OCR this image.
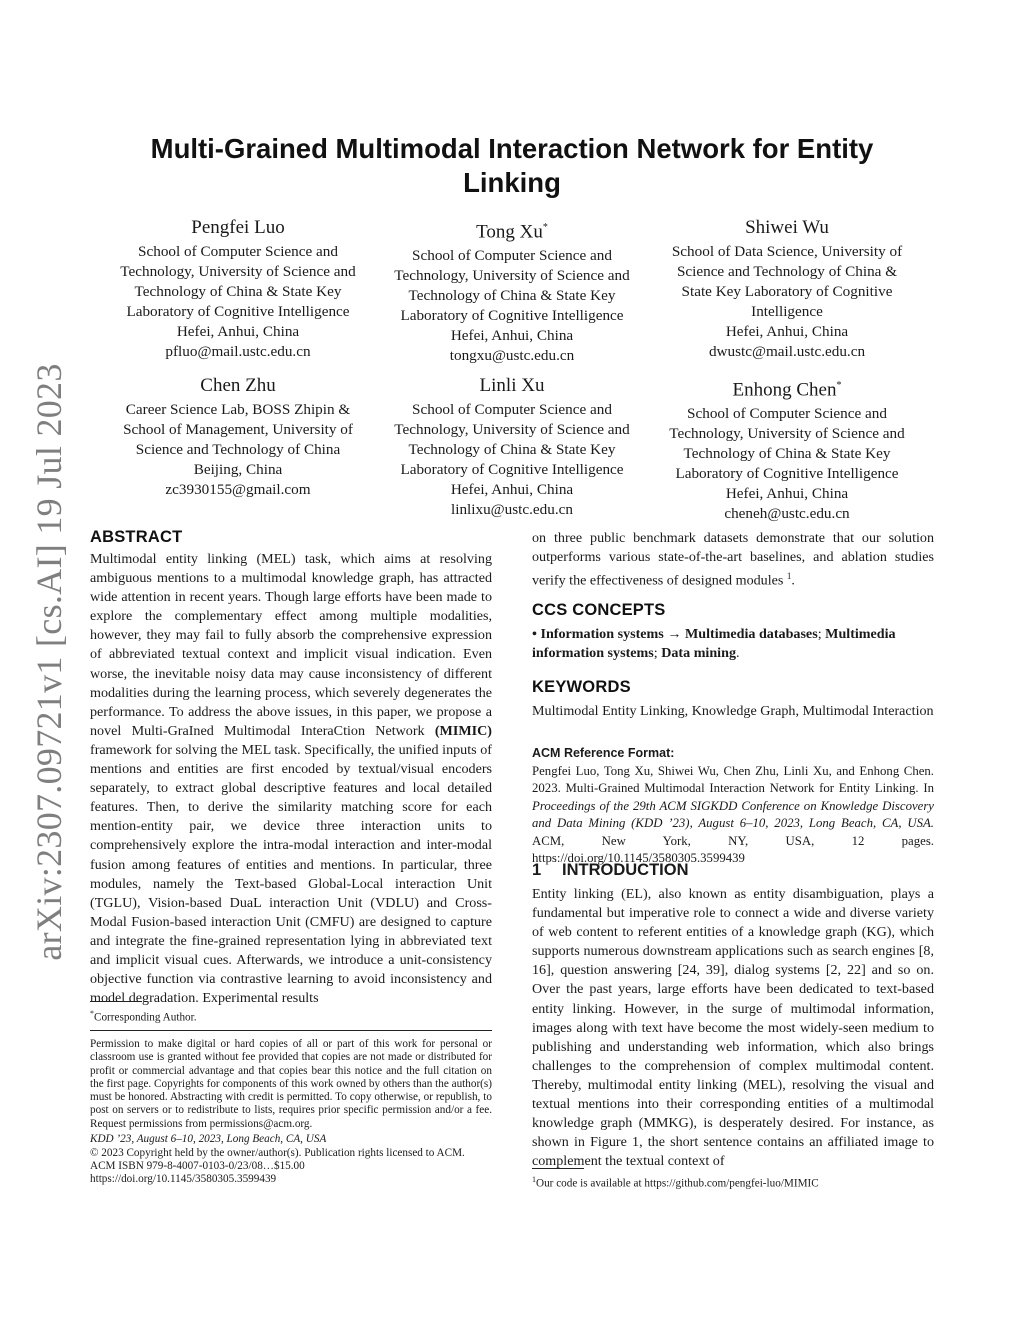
arXiv:2307.09721v1 [cs.AI] 19 Jul 2023
Multi-Grained Multimodal Interaction Network for Entity Linking
Pengfei Luo
School of Computer Science and
Technology, University of Science and
Technology of China & State Key
Laboratory of Cognitive Intelligence
Hefei, Anhui, China
pfluo@mail.ustc.edu.cn
Tong Xu*
School of Computer Science and
Technology, University of Science and
Technology of China & State Key
Laboratory of Cognitive Intelligence
Hefei, Anhui, China
tongxu@ustc.edu.cn
Shiwei Wu
School of Data Science, University of
Science and Technology of China &
State Key Laboratory of Cognitive
Intelligence
Hefei, Anhui, China
dwustc@mail.ustc.edu.cn
Chen Zhu
Career Science Lab, BOSS Zhipin &
School of Management, University of
Science and Technology of China
Beijing, China
zc3930155@gmail.com
Linli Xu
School of Computer Science and
Technology, University of Science and
Technology of China & State Key
Laboratory of Cognitive Intelligence
Hefei, Anhui, China
linlixu@ustc.edu.cn
Enhong Chen*
School of Computer Science and
Technology, University of Science and
Technology of China & State Key
Laboratory of Cognitive Intelligence
Hefei, Anhui, China
cheneh@ustc.edu.cn
ABSTRACT
Multimodal entity linking (MEL) task, which aims at resolving ambiguous mentions to a multimodal knowledge graph, has attracted wide attention in recent years. Though large efforts have been made to explore the complementary effect among multiple modalities, however, they may fail to fully absorb the comprehensive expression of abbreviated textual context and implicit visual indication. Even worse, the inevitable noisy data may cause inconsistency of different modalities during the learning process, which severely degenerates the performance. To address the above issues, in this paper, we propose a novel Multi-GraIned Multimodal InteraCtion Network (MIMIC) framework for solving the MEL task. Specifically, the unified inputs of mentions and entities are first encoded by textual/visual encoders separately, to extract global descriptive features and local detailed features. Then, to derive the similarity matching score for each mention-entity pair, we device three interaction units to comprehensively explore the intra-modal interaction and inter-modal fusion among features of entities and mentions. In particular, three modules, namely the Text-based Global-Local interaction Unit (TGLU), Vision-based DuaL interaction Unit (VDLU) and Cross-Modal Fusion-based interaction Unit (CMFU) are designed to capture and integrate the fine-grained representation lying in abbreviated text and implicit visual cues. Afterwards, we introduce a unit-consistency objective function via contrastive learning to avoid inconsistency and model degradation. Experimental results
*Corresponding Author.
Permission to make digital or hard copies of all or part of this work for personal or classroom use is granted without fee provided that copies are not made or distributed for profit or commercial advantage and that copies bear this notice and the full citation on the first page. Copyrights for components of this work owned by others than the author(s) must be honored. Abstracting with credit is permitted. To copy otherwise, or republish, to post on servers or to redistribute to lists, requires prior specific permission and/or a fee. Request permissions from permissions@acm.org.
KDD ’23, August 6–10, 2023, Long Beach, CA, USA
© 2023 Copyright held by the owner/author(s). Publication rights licensed to ACM.
ACM ISBN 979-8-4007-0103-0/23/08…$15.00
https://doi.org/10.1145/3580305.3599439
on three public benchmark datasets demonstrate that our solution outperforms various state-of-the-art baselines, and ablation studies verify the effectiveness of designed modules $^1$.
CCS CONCEPTS
• Information systems → Multimedia databases; Multimedia information systems; Data mining.
KEYWORDS
Multimodal Entity Linking, Knowledge Graph, Multimodal Interaction
ACM Reference Format:
Pengfei Luo, Tong Xu, Shiwei Wu, Chen Zhu, Linli Xu, and Enhong Chen. 2023. Multi-Grained Multimodal Interaction Network for Entity Linking. In Proceedings of the 29th ACM SIGKDD Conference on Knowledge Discovery and Data Mining (KDD ’23), August 6–10, 2023, Long Beach, CA, USA. ACM, New York, NY, USA, 12 pages. https://doi.org/10.1145/3580305.3599439
1 INTRODUCTION
Entity linking (EL), also known as entity disambiguation, plays a fundamental but imperative role to connect a wide and diverse variety of web content to referent entities of a knowledge graph (KG), which supports numerous downstream applications such as search engines [8, 16], question answering [24, 39], dialog systems [2, 22] and so on. Over the past years, large efforts have been dedicated to text-based entity linking. However, in the surge of multimodal information, images along with text have become the most widely-seen medium to publishing and understanding web information, which also brings challenges to the comprehension of complex multimodal content. Thereby, multimodal entity linking (MEL), resolving the visual and textual mentions into their corresponding entities of a multimodal knowledge graph (MMKG), is desperately desired. For instance, as shown in Figure 1, the short sentence contains an affiliated image to complement the textual context of
$^1$Our code is available at https://github.com/pengfei-luo/MIMIC
